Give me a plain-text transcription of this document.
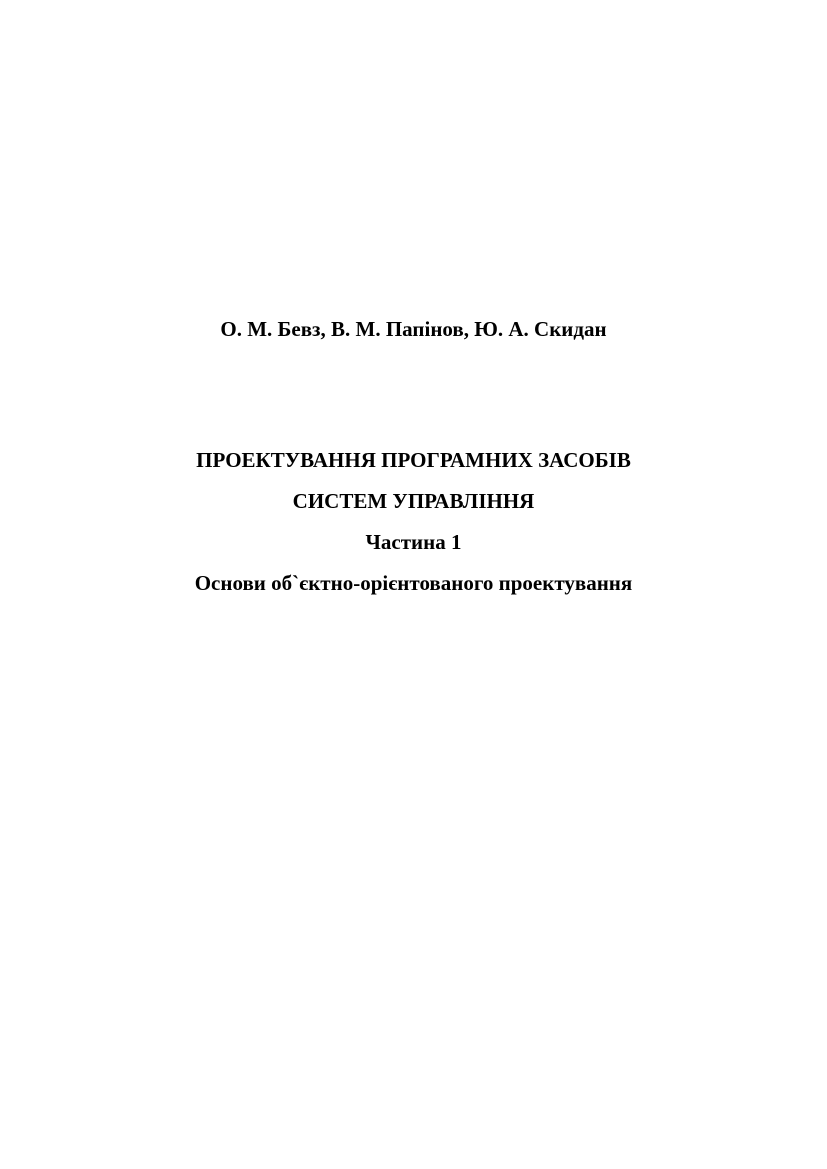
О. М. Бевз, В. М. Папінов, Ю. А. Скидан
ПРОЕКТУВАННЯ ПРОГРАМНИХ ЗАСОБІВ
СИСТЕМ УПРАВЛІННЯ
Частина 1
Основи об`єктно-орієнтованого проектування
